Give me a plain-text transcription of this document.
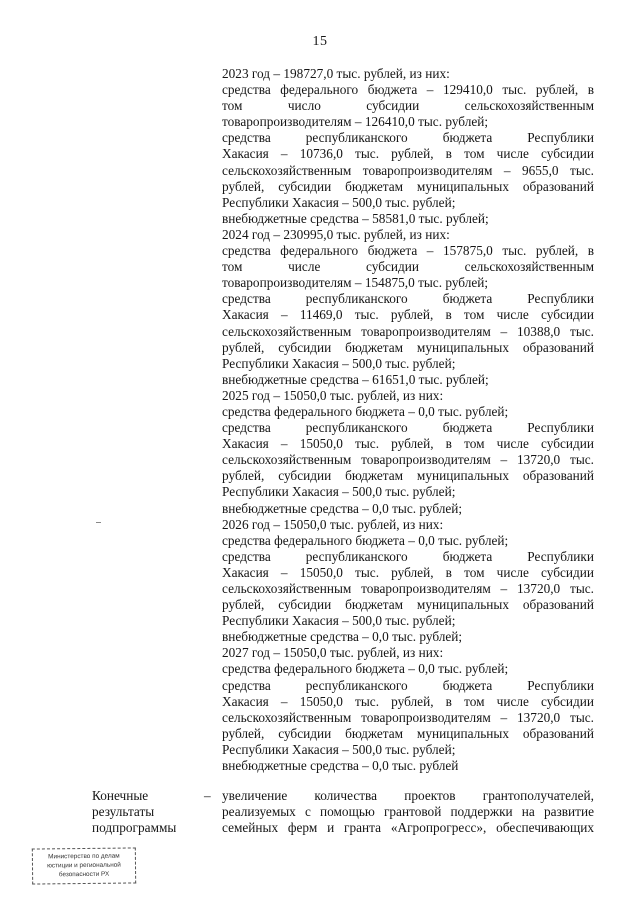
15
2023 год – 198727,0 тыс. рублей, из них:
средства федерального бюджета – 129410,0 тыс. рублей, в
том число субсидии сельскохозяйственным
товаропроизводителям – 126410,0 тыс. рублей;
средства республиканского бюджета Республики
Хакасия – 10736,0 тыс. рублей, в том числе субсидии
сельскохозяйственным товаропроизводителям – 9655,0 тыс.
рублей, субсидии бюджетам муниципальных образований
Республики Хакасия – 500,0 тыс. рублей;
внебюджетные средства – 58581,0 тыс. рублей;
2024 год – 230995,0 тыс. рублей, из них:
средства федерального бюджета – 157875,0 тыс. рублей, в
том числе субсидии сельскохозяйственным
товаропроизводителям – 154875,0 тыс. рублей;
средства республиканского бюджета Республики
Хакасия – 11469,0 тыс. рублей, в том числе субсидии
сельскохозяйственным товаропроизводителям – 10388,0 тыс.
рублей, субсидии бюджетам муниципальных образований
Республики Хакасия – 500,0 тыс. рублей;
внебюджетные средства – 61651,0 тыс. рублей;
2025 год – 15050,0 тыс. рублей, из них:
средства федерального бюджета – 0,0 тыс. рублей;
средства республиканского бюджета Республики
Хакасия – 15050,0 тыс. рублей, в том числе субсидии
сельскохозяйственным товаропроизводителям – 13720,0 тыс.
рублей, субсидии бюджетам муниципальных образований
Республики Хакасия – 500,0 тыс. рублей;
внебюджетные средства – 0,0 тыс. рублей;
2026 год – 15050,0 тыс. рублей, из них:
средства федерального бюджета – 0,0 тыс. рублей;
средства республиканского бюджета Республики
Хакасия – 15050,0 тыс. рублей, в том числе субсидии
сельскохозяйственным товаропроизводителям – 13720,0 тыс.
рублей, субсидии бюджетам муниципальных образований
Республики Хакасия – 500,0 тыс. рублей;
внебюджетные средства – 0,0 тыс. рублей;
2027 год – 15050,0 тыс. рублей, из них:
средства федерального бюджета – 0,0 тыс. рублей;
средства республиканского бюджета Республики
Хакасия – 15050,0 тыс. рублей, в том числе субсидии
сельскохозяйственным товаропроизводителям – 13720,0 тыс.
рублей, субсидии бюджетам муниципальных образований
Республики Хакасия – 500,0 тыс. рублей;
внебюджетные средства – 0,0 тыс. рублей
Конечные
результаты
подпрограммы
– увеличение количества проектов грантополучателей,
реализуемых с помощью грантовой поддержки на развитие
семейных ферм и гранта «Агропрогресс», обеспечивающих
Министерство по делам
юстиции и региональной
безопасности РХ
